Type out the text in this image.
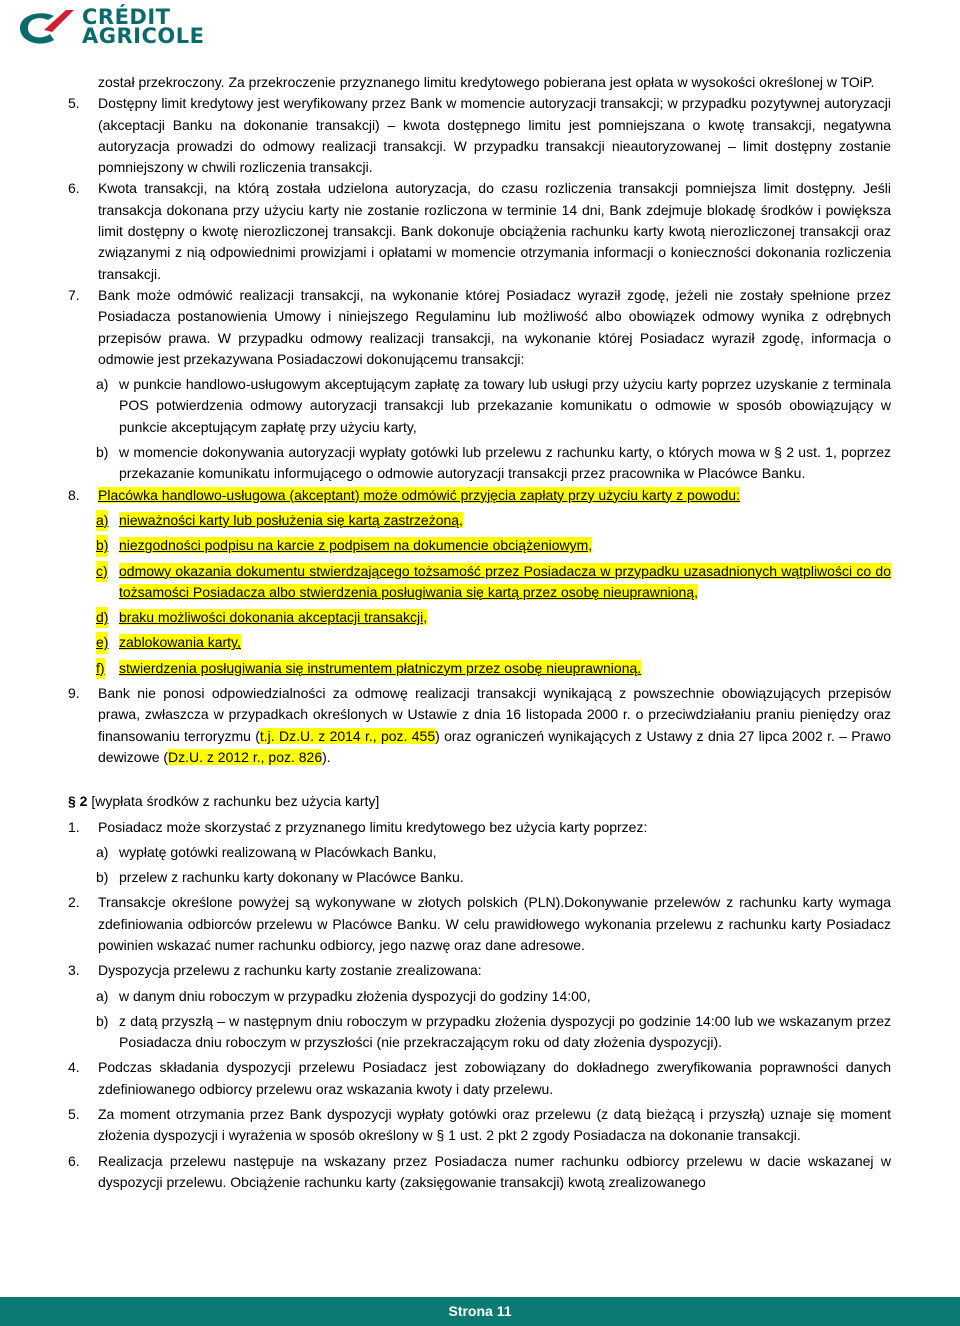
CRÉDIT
AGRICOLE
został przekroczony. Za przekroczenie przyznanego limitu kredytowego pobierana jest opłata w wysokości określonej w TOiP.
5. Dostępny limit kredytowy jest weryfikowany przez Bank w momencie autoryzacji transakcji; w przypadku pozytywnej autoryzacji (akceptacji Banku na dokonanie transakcji) – kwota dostępnego limitu jest pomniejszana o kwotę transakcji, negatywna autoryzacja prowadzi do odmowy realizacji transakcji. W przypadku transakcji nieautoryzowanej – limit dostępny zostanie pomniejszony w chwili rozliczenia transakcji.
6. Kwota transakcji, na którą została udzielona autoryzacja, do czasu rozliczenia transakcji pomniejsza limit dostępny. Jeśli transakcja dokonana przy użyciu karty nie zostanie rozliczona w terminie 14 dni, Bank zdejmuje blokadę środków i powiększa limit dostępny o kwotę nierozliczonej transakcji. Bank dokonuje obciążenia rachunku karty kwotą nierozliczonej transakcji oraz związanymi z nią odpowiednimi prowizjami i opłatami w momencie otrzymania informacji o konieczności dokonania rozliczenia transakcji.
7. Bank może odmówić realizacji transakcji, na wykonanie której Posiadacz wyraził zgodę, jeżeli nie zostały spełnione przez Posiadacza postanowienia Umowy i niniejszego Regulaminu lub możliwość albo obowiązek odmowy wynika z odrębnych przepisów prawa. W przypadku odmowy realizacji transakcji, na wykonanie której Posiadacz wyraził zgodę, informacja o odmowie jest przekazywana Posiadaczowi dokonującemu transakcji:
a) w punkcie handlowo-usługowym akceptującym zapłatę za towary lub usługi przy użyciu karty poprzez uzyskanie z terminala POS potwierdzenia odmowy autoryzacji transakcji lub przekazanie komunikatu o odmowie w sposób obowiązujący w punkcie akceptującym zapłatę przy użyciu karty,
b) w momencie dokonywania autoryzacji wypłaty gotówki lub przelewu z rachunku karty, o których mowa w § 2 ust. 1, poprzez przekazanie komunikatu informującego o odmowie autoryzacji transakcji przez pracownika w Placówce Banku.
8. Placówka handlowo-usługowa (akceptant) może odmówić przyjęcia zapłaty przy użyciu karty z powodu:
a) nieważności karty lub posłużenia się kartą zastrzeżoną,
b) niezgodności podpisu na karcie z podpisem na dokumencie obciążeniowym,
c) odmowy okazania dokumentu stwierdzającego tożsamość przez Posiadacza w przypadku uzasadnionych wątpliwości co do tożsamości Posiadacza albo stwierdzenia posługiwania się kartą przez osobę nieuprawnioną,
d) braku możliwości dokonania akceptacji transakcji,
e) zablokowania karty,
f) stwierdzenia posługiwania się instrumentem płatniczym przez osobę nieuprawnioną.
9. Bank nie ponosi odpowiedzialności za odmowę realizacji transakcji wynikającą z powszechnie obowiązujących przepisów prawa, zwłaszcza w przypadkach określonych w Ustawie z dnia 16 listopada 2000 r. o przeciwdziałaniu praniu pieniędzy oraz finansowaniu terroryzmu (t.j. Dz.U. z 2014 r., poz. 455) oraz ograniczeń wynikających z Ustawy z dnia 27 lipca 2002 r. – Prawo dewizowe (Dz.U. z 2012 r., poz. 826).
§ 2 [wypłata środków z rachunku bez użycia karty]
1. Posiadacz może skorzystać z przyznanego limitu kredytowego bez użycia karty poprzez:
a) wypłatę gotówki realizowaną w Placówkach Banku,
b) przelew z rachunku karty dokonany w Placówce Banku.
2. Transakcje określone powyżej są wykonywane w złotych polskich (PLN).Dokonywanie przelewów z rachunku karty wymaga zdefiniowania odbiorców przelewu w Placówce Banku. W celu prawidłowego wykonania przelewu z rachunku karty Posiadacz powinien wskazać numer rachunku odbiorcy, jego nazwę oraz dane adresowe.
3. Dyspozycja przelewu z rachunku karty zostanie zrealizowana:
a) w danym dniu roboczym w przypadku złożenia dyspozycji do godziny 14:00,
b) z datą przyszłą – w następnym dniu roboczym w przypadku złożenia dyspozycji po godzinie 14:00 lub we wskazanym przez Posiadacza dniu roboczym w przyszłości (nie przekraczającym roku od daty złożenia dyspozycji).
4. Podczas składania dyspozycji przelewu Posiadacz jest zobowiązany do dokładnego zweryfikowania poprawności danych zdefiniowanego odbiorcy przelewu oraz wskazania kwoty i daty przelewu.
5. Za moment otrzymania przez Bank dyspozycji wypłaty gotówki oraz przelewu (z datą bieżącą i przyszłą) uznaje się moment złożenia dyspozycji i wyrażenia w sposób określony w § 1 ust. 2 pkt 2 zgody Posiadacza na dokonanie transakcji.
6. Realizacja przelewu następuje na wskazany przez Posiadacza numer rachunku odbiorcy przelewu w dacie wskazanej w dyspozycji przelewu. Obciążenie rachunku karty (zaksięgowanie transakcji) kwotą zrealizowanego
Strona 11
